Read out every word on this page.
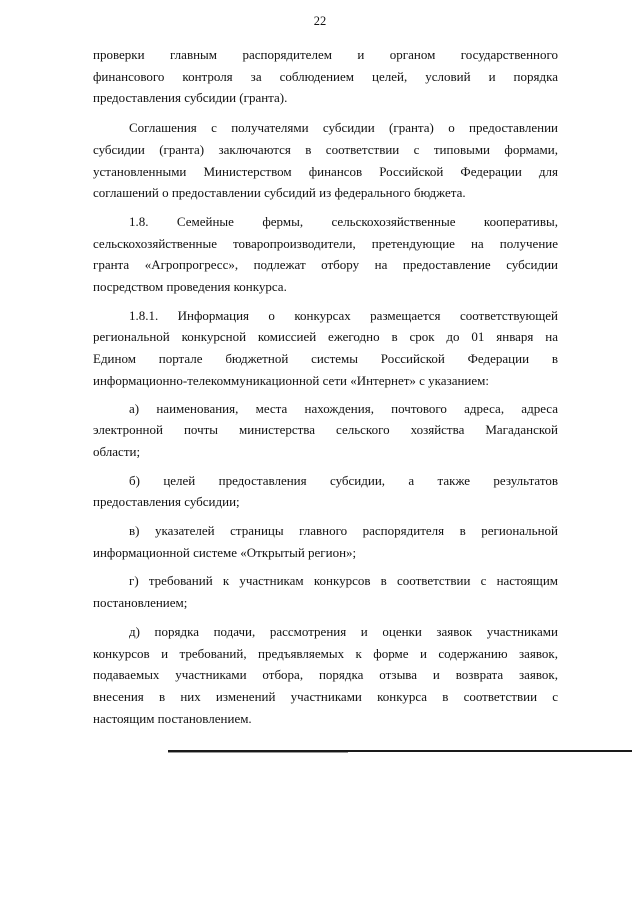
22
проверки главным распорядителем и органом государственного
финансового контроля за соблюдением целей, условий и порядка
предоставления субсидии (гранта).
Соглашения с получателями субсидии (гранта) о предоставлении
субсидии (гранта) заключаются в соответствии с типовыми формами,
установленными Министерством финансов Российской Федерации для
соглашений о предоставлении субсидий из федерального бюджета.
1.8. Семейные фермы, сельскохозяйственные кооперативы,
сельскохозяйственные товаропроизводители, претендующие на получение
гранта «Агропрогресс», подлежат отбору на предоставление субсидии
посредством проведения конкурса.
1.8.1. Информация о конкурсах размещается соответствующей
региональной конкурсной комиссией ежегодно в срок до 01 января на
Едином портале бюджетной системы Российской Федерации в
информационно-телекоммуникационной сети «Интернет» с указанием:
а) наименования, места нахождения, почтового адреса, адреса
электронной почты министерства сельского хозяйства Магаданской
области;
б) целей предоставления субсидии, а также результатов
предоставления субсидии;
в) указателей страницы главного распорядителя в региональной
информационной системе «Открытый регион»;
г) требований к участникам конкурсов в соответствии с настоящим
постановлением;
д) порядка подачи, рассмотрения и оценки заявок участниками
конкурсов и требований, предъявляемых к форме и содержанию заявок,
подаваемых участниками отбора, порядка отзыва и возврата заявок,
внесения в них изменений участниками конкурса в соответствии с
настоящим постановлением.
